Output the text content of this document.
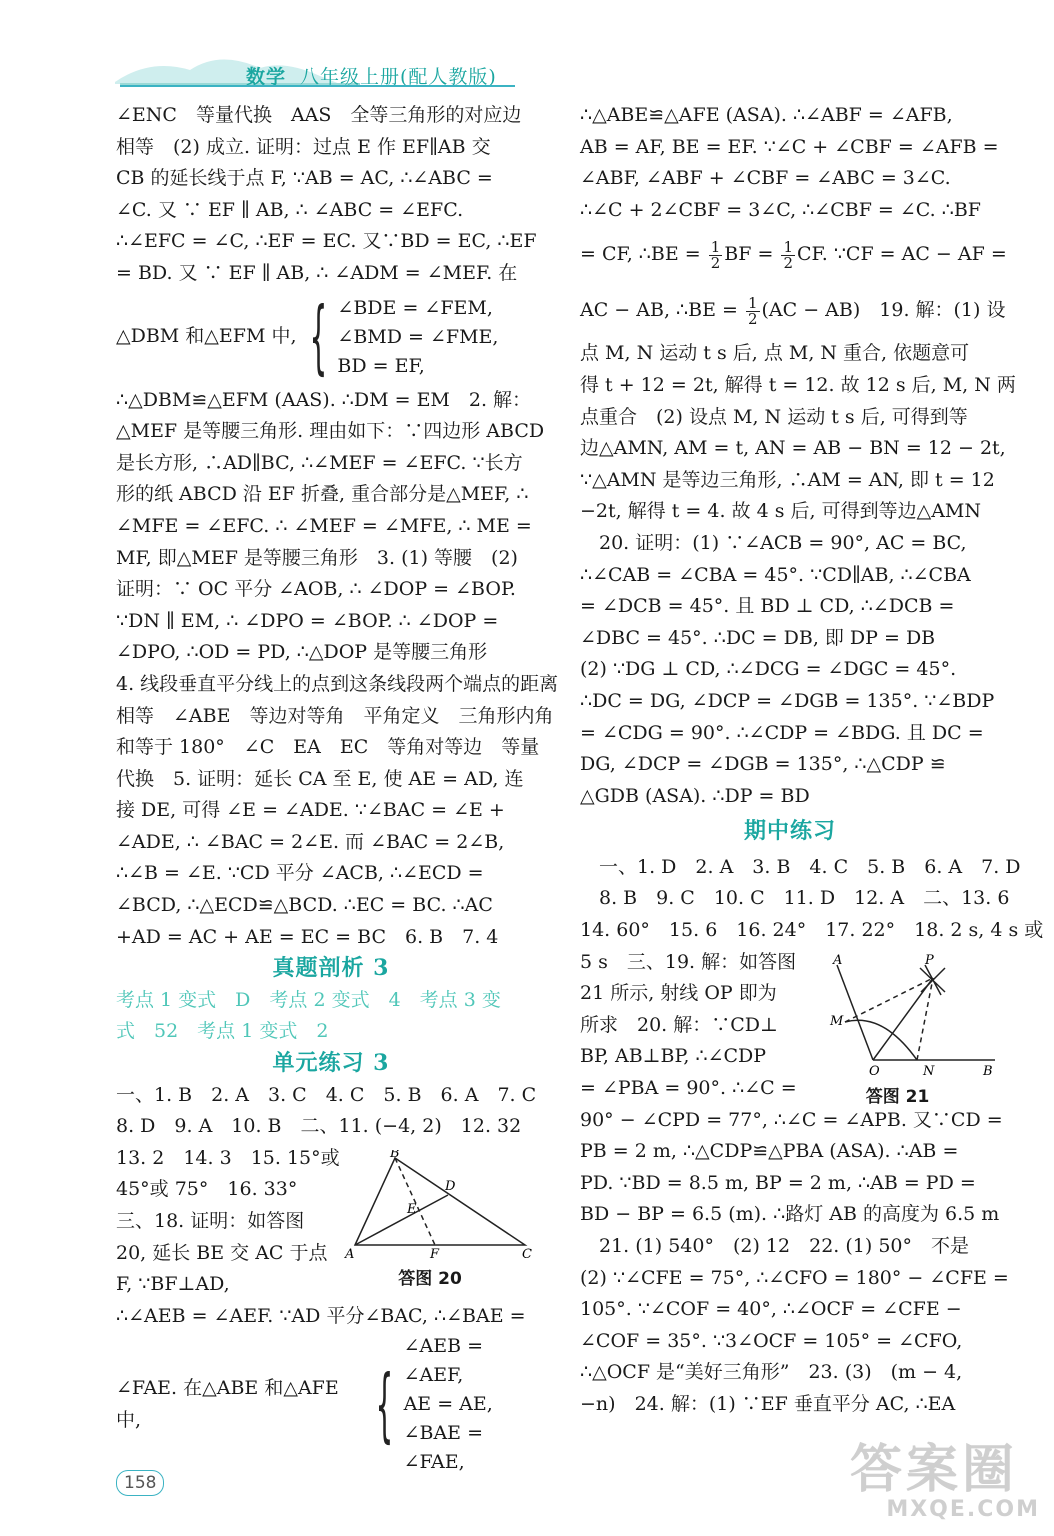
数学 八年级上册(配人教版)

∠ENC　等量代换　AAS　全等三角形的对应边

相等　(2) 成立. 证明：过点 E 作 EF∥AB 交

CB 的延长线于点 F, ∵AB = AC, ∴∠ABC =

∠C. 又 ∵ EF ∥ AB, ∴ ∠ABC = ∠EFC.

∴∠EFC = ∠C, ∴EF = EC. 又∵BD = EC, ∴EF

= BD. 又 ∵ EF ∥ AB, ∴ ∠ADM = ∠MEF. 在

△DBM 和△EFM 中, { ∠BDE = ∠FEM,
∠BMD = ∠FME,
BD = EF,

∴△DBM≌△EFM (AAS). ∴DM = EM　2. 解：

△MEF 是等腰三角形. 理由如下：∵四边形 ABCD

是长方形, ∴AD∥BC, ∴∠MEF = ∠EFC. ∵长方

形的纸 ABCD 沿 EF 折叠, 重合部分是△MEF, ∴

∠MFE = ∠EFC. ∴ ∠MEF = ∠MFE, ∴ ME =

MF, 即△MEF 是等腰三角形　3. (1) 等腰　(2)

证明：∵ OC 平分 ∠AOB, ∴ ∠DOP = ∠BOP.

∵DN ∥ EM, ∴ ∠DPO = ∠BOP. ∴ ∠DOP =

∠DPO, ∴OD = PD, ∴△DOP 是等腰三角形

4. 线段垂直平分线上的点到这条线段两个端点的距离

相等　∠ABE　等边对等角　平角定义　三角形内角

和等于 180°　∠C　EA　EC　等角对等边　等量

代换　5. 证明：延长 CA 至 E, 使 AE = AD, 连

接 DE, 可得 ∠E = ∠ADE. ∵∠BAC = ∠E +

∠ADE, ∴ ∠BAC = 2∠E. 而 ∠BAC = 2∠B,

∴∠B = ∠E. ∵CD 平分 ∠ACB, ∴∠ECD =

∠BCD, ∴△ECD≌△BCD. ∴EC = BC. ∴AC

+AD = AC + AE = EC = BC　6. B　7. 4

真题剖析 3

考点 1 变式　D　考点 2 变式　4　考点 3 变

式　52　考点 1 变式　2

单元练习 3

一、1. B　2. A　3. C　4. C　5. B　6. A　7. C

8. D　9. A　10. B　二、11. (−4, 2)　12. 32

13. 2　14. 3　15. 15°或

45°或 75°　16. 33°

三、18. 证明：如答图

20, 延长 BE 交 AC 于点

F, ∵BF⊥AD,

∴∠AEB = ∠AEF. ∵AD 平分∠BAC, ∴∠BAE =

∠FAE. 在△ABE 和△AFE 中,	{
∠AEB = ∠AEF,
AE = AE,
∠BAE = ∠FAE,
B
D
E
A	F	C
答图 20

∴△ABE≌△AFE (ASA). ∴∠ABF = ∠AFB,

AB = AF, BE = EF. ∵∠C + ∠CBF = ∠AFB =

∠ABF, ∠ABF + ∠CBF = ∠ABC = 3∠C.

∴∠C + 2∠CBF = 3∠C, ∴∠CBF = ∠C. ∴BF

= CF, ∴BE = $\frac{1}{2}$ BF = $\frac{1}{2}$ CF. ∵CF = AC − AF =

AC − AB, ∴BE = $\frac{1}{2} (AC - AB)$　19. 解：(1) 设

点 M, N 运动 t s 后, 点 M, N 重合, 依题意可

得 t + 12 = 2t, 解得 t = 12. 故 12 s 后, M, N 两

点重合　(2) 设点 M, N 运动 t s 后, 可得到等

边△AMN, AM = t, AN = AB − BN = 12 − 2t,

∵△AMN 是等边三角形, ∴AM = AN, 即 t = 12

−2t, 解得 t = 4. 故 4 s 后, 可得到等边△AMN

　20. 证明：(1) ∵∠ACB = 90°, AC = BC,

∴∠CAB = ∠CBA = 45°. ∵CD∥AB, ∴∠CBA

= ∠DCB = 45°. 且 BD ⊥ CD, ∴∠DCB =

∠DBC = 45°. ∴DC = DB, 即 DP = DB

(2) ∵DG ⊥ CD, ∴∠DCG = ∠DGC = 45°.

∴DC = DG, ∠DCP = ∠DGB = 135°. ∵∠BDP

= ∠CDG = 90°. ∴∠CDP = ∠BDG. 且 DC =

DG, ∠DCP = ∠DGB = 135°, ∴△CDP ≌

△GDB (ASA). ∴DP = BD

期中练习

　一、1. D　2. A　3. B　4. C　5. B　6. A　7. D

　8. B　9. C　10. C　11. D　12. A　二、13. 6

14. 60°　15. 6　16. 24°　17. 22°　18. 2 s, 4 s 或

5 s　三、19. 解：如答图

21 所示, 射线 OP 即为

所求　20. 解：∵CD⊥

BP, AB⊥BP, ∴∠CDP

= ∠PBA = 90°. ∴∠C =

90° − ∠CPD = 77°, ∴∠C = ∠APB. 又∵CD =

PB = 2 m, ∴△CDP≌△PBA (ASA). ∴AB =

PD. ∵BD = 8.5 m, BP = 2 m, ∴AB = PD =

BD − BP = 6.5 (m). ∴路灯 AB 的高度为 6.5 m

　21. (1) 540°　(2) 12　22. (1) 50°　不是

(2) ∵∠CFE = 75°, ∴∠CFO = 180° − ∠CFE =

105°. ∵∠COF = 40°, ∴∠OCF = ∠CFE −

∠COF = 35°. ∵3∠OCF = 105° = ∠CFO,

∴△OCF 是“美好三角形”　23. (3)　(m − 4,

−n)　24. 解：(1) ∵EF 垂直平分 AC, ∴EA

A	P
M
O	N	B
答图 21
158	答案圈
MXQE.COM
